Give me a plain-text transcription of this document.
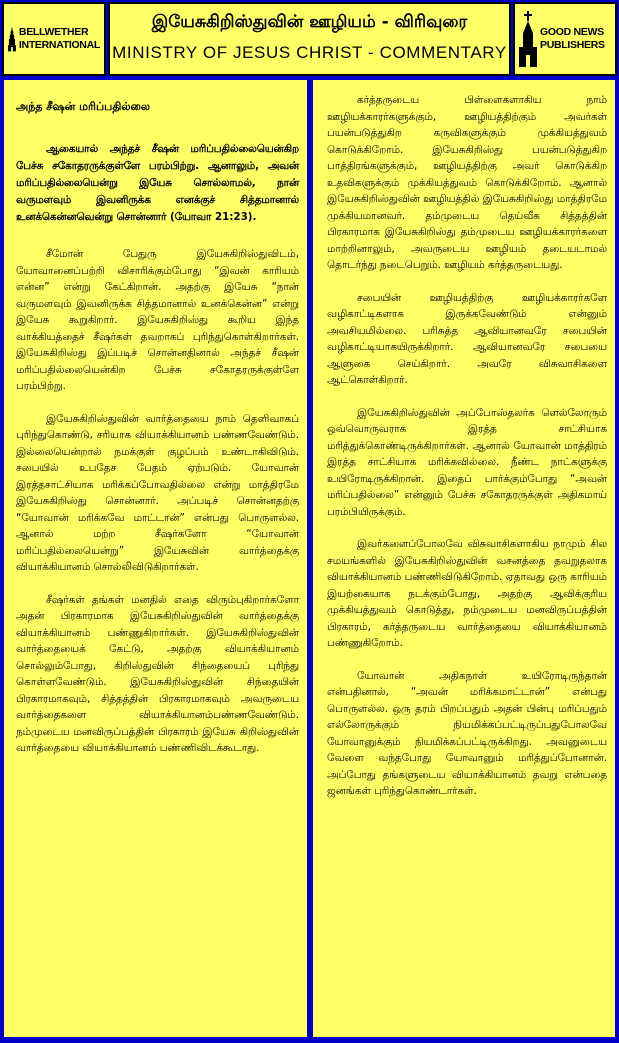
BELLWETHER
INTERNATIONAL
இயேசுகிறிஸ்துவின் ஊழியம் - விரிவுரை
MINISTRY OF JESUS CHRIST - COMMENTARY
GOOD NEWS
PUBLISHERS
அந்த சீஷன் மரிப்பதில்லை
ஆகையால் அந்தச் சீஷன் மரிப்பதில்லையென்கிற பேச்சு சகோதரருக்குள்ளே பரம்பிற்று. ஆனாலும், அவன் மரிப்பதில்லையென்று இயேசு சொல்லாமல், நான் வருமளவும் இவனிருக்க எனக்குச் சித்தமானால் உனக்கென்னவென்று சொன்னார் (யோவா 21:23).

சீமோன் பேதுரு இயேசுகிறிஸ்துவிடம், யோவானைப்பற்றி விசாரிக்கும்போது “இவன் காரியம் என்ன” என்று கேட்கிறான். அதற்கு இயேசு “நான் வருமளவும் இவனிருக்க சித்தமானால் உனக்கென்ன” என்று இயேசு கூறுகிறார். இயேசுகிறிஸ்து கூறிய இந்த வாக்கியத்தைச் சீஷர்கள் தவறாகப் புரிந்துகொள்கிறார்கள். இயேசுகிறிஸ்து இப்படிச் சொன்னதினால் அந்தச் சீஷன் மரிப்பதில்லையென்கிற பேச்சு சகோதரருக்குள்ளே பரம்பிற்று.

இயேசுகிறிஸ்துவின் வார்த்தையை நாம் தெளிவாகப் புரிந்துகொண்டு, சரியாக வியாக்கியானம் பண்ணவேண்டும். இல்லையென்றால் நமக்குள் குழப்பம் உண்டாகிவிடும். சபையில் உபதேச பேதம் ஏற்படும். யோவான் இரத்தசாட்சியாக மரிக்கப்போவதில்லை என்று மாத்திரமே இயேசுகிறிஸ்து சொன்னார். அப்படிச் சொன்னதற்கு “யோவான் மரிக்கவே மாட்டான்” என்பது பொருளல்ல. ஆனால் மற்ற சீஷர்களோ “யோவான் மரிப்பதில்லையென்று” இயேசுவின் வார்த்தைக்கு வியாக்கியானம் சொல்லிவிடுகிறார்கள்.

சீஷர்கள் தங்கள் மனதில் எதை விரும்புகிறார்களோ அதன் பிரகாரமாக இயேசுகிறிஸ்துவின் வார்த்தைக்கு வியாக்கியானம் பண்ணுகிறார்கள். இயேசுகிறிஸ்துவின் வார்த்தையைக் கேட்டு, அதற்கு வியாக்கியானம் சொல்லும்போது, கிறிஸ்துவின் சிந்தையைப் புரிந்து கொள்ளவேண்டும். இயேசுகிறிஸ்துவின் சிந்தையின் பிரகாரமாகவும், சித்தத்தின் பிரகாரமாகவும் அவருடைய வார்த்தைகளை வியாக்கியானம்பண்ணவேண்டும். நம்முடைய மனவிருப்பத்தின் பிரகாரம் இயேசு கிறிஸ்துவின் வார்த்தையை வியாக்கியானம் பண்ணிவிடக்கூடாது.

கர்த்தருடைய பிள்ளைகளாகிய நாம் ஊழியக்காரர்களுக்கும், ஊழியத்திற்கும் அவர்கள் பயன்படுத்துகிற கருவிகளுக்கும் முக்கியத்துவம் கொடுக்கிறோம். இயேசுகிறிஸ்து பயன்படுத்துகிற பாத்திரங்களுக்கும், ஊழியத்திற்கு அவர் கொடுக்கிற உதவிகளுக்கும் முக்கியத்துவம் கொடுக்கிறோம். ஆனால் இயேசுகிறிஸ்துவின் ஊழியத்தில் இயேசுகிறிஸ்து மாத்திரமே முக்கியமானவர். தம்முடைய தெய்வீக சித்தத்தின் பிரகாரமாக இயேசுகிறிஸ்து தம்முடைய ஊழியக்காரர்களை மாற்றினாலும், அவருடைய ஊழியம் தடையடாமல் தொடர்ந்து நடைபெறும். ஊழியம் கர்த்தருடையது.

சபையின் ஊழியத்திற்கு ஊழியக்காரர்களே வழிகாட்டிகளாக இருக்கவேண்டும் என்னும் அவசியமில்லை. பரிசுத்த ஆவியானவரே சபையின் வழிகாட்டியாகயிருக்கிறார். ஆவியானவரே சபையை ஆளுகை செய்கிறார். அவரே விசுவாசிகளை ஆட்கொள்கிறார்.

இயேசுகிறிஸ்துவின் அப்போஸ்தலர்க ளெல்லோரும் ஒவ்வொருவராக இரத்த சாட்சியாக மரித்துக்கொண்டிருக்கிறார்கள். ஆனால் யோவான் மாத்திரம் இரத்த சாட்சியாக மரிக்கவில்லை. நீண்ட நாட்களுக்கு உயிரோடிருக்கிறான். இதைப் பார்க்கும்போது “அவன் மரிப்பதில்லை” என்னும் பேச்சு சகோதரருக்குள் அதிகமாய் பரம்பியிருக்கும்.

இவர்களைப்போலவே விசுவாசிகளாகிய நாமும் சில சமயங்களில் இயேசுகிறிஸ்துவின் வசனத்தை தவறுதலாக வியாக்கியானம் பண்ணிவிடுகிறோம். ஏதாவது ஒரு காரியம் இயற்கையாக நடக்கும்போது, அதற்கு ஆவிக்குரிய முக்கியத்துவம் கொடுத்து, நம்முடைய மனவிருப்பத்தின் பிரகாரம், கர்த்தருடைய வார்த்தையை வியாக்கியானம் பண்ணுகிறோம்.

யோவான் அதிகநாள் உயிரோடிருந்தான் என்பதினால், “அவன் மரிக்கமாட்டான்” என்பது பொருளல்ல. ஒரு தரம் பிறப்பதும் அதன் பின்பு மரிப்பதும் எல்லோருக்கும் நியமிக்கப்பட்டிருப்பதுபோலவே யோவானுக்கும் நியமிக்கப்பட்டிருக்கிறது. அவனுடைய வேளை வந்தபோது யோவானும் மரித்துப்போனான். அப்போது தங்களுடைய வியாக்கியானம் தவறு என்பதை ஜனங்கள் புரிந்துகொண்டார்கள்.
